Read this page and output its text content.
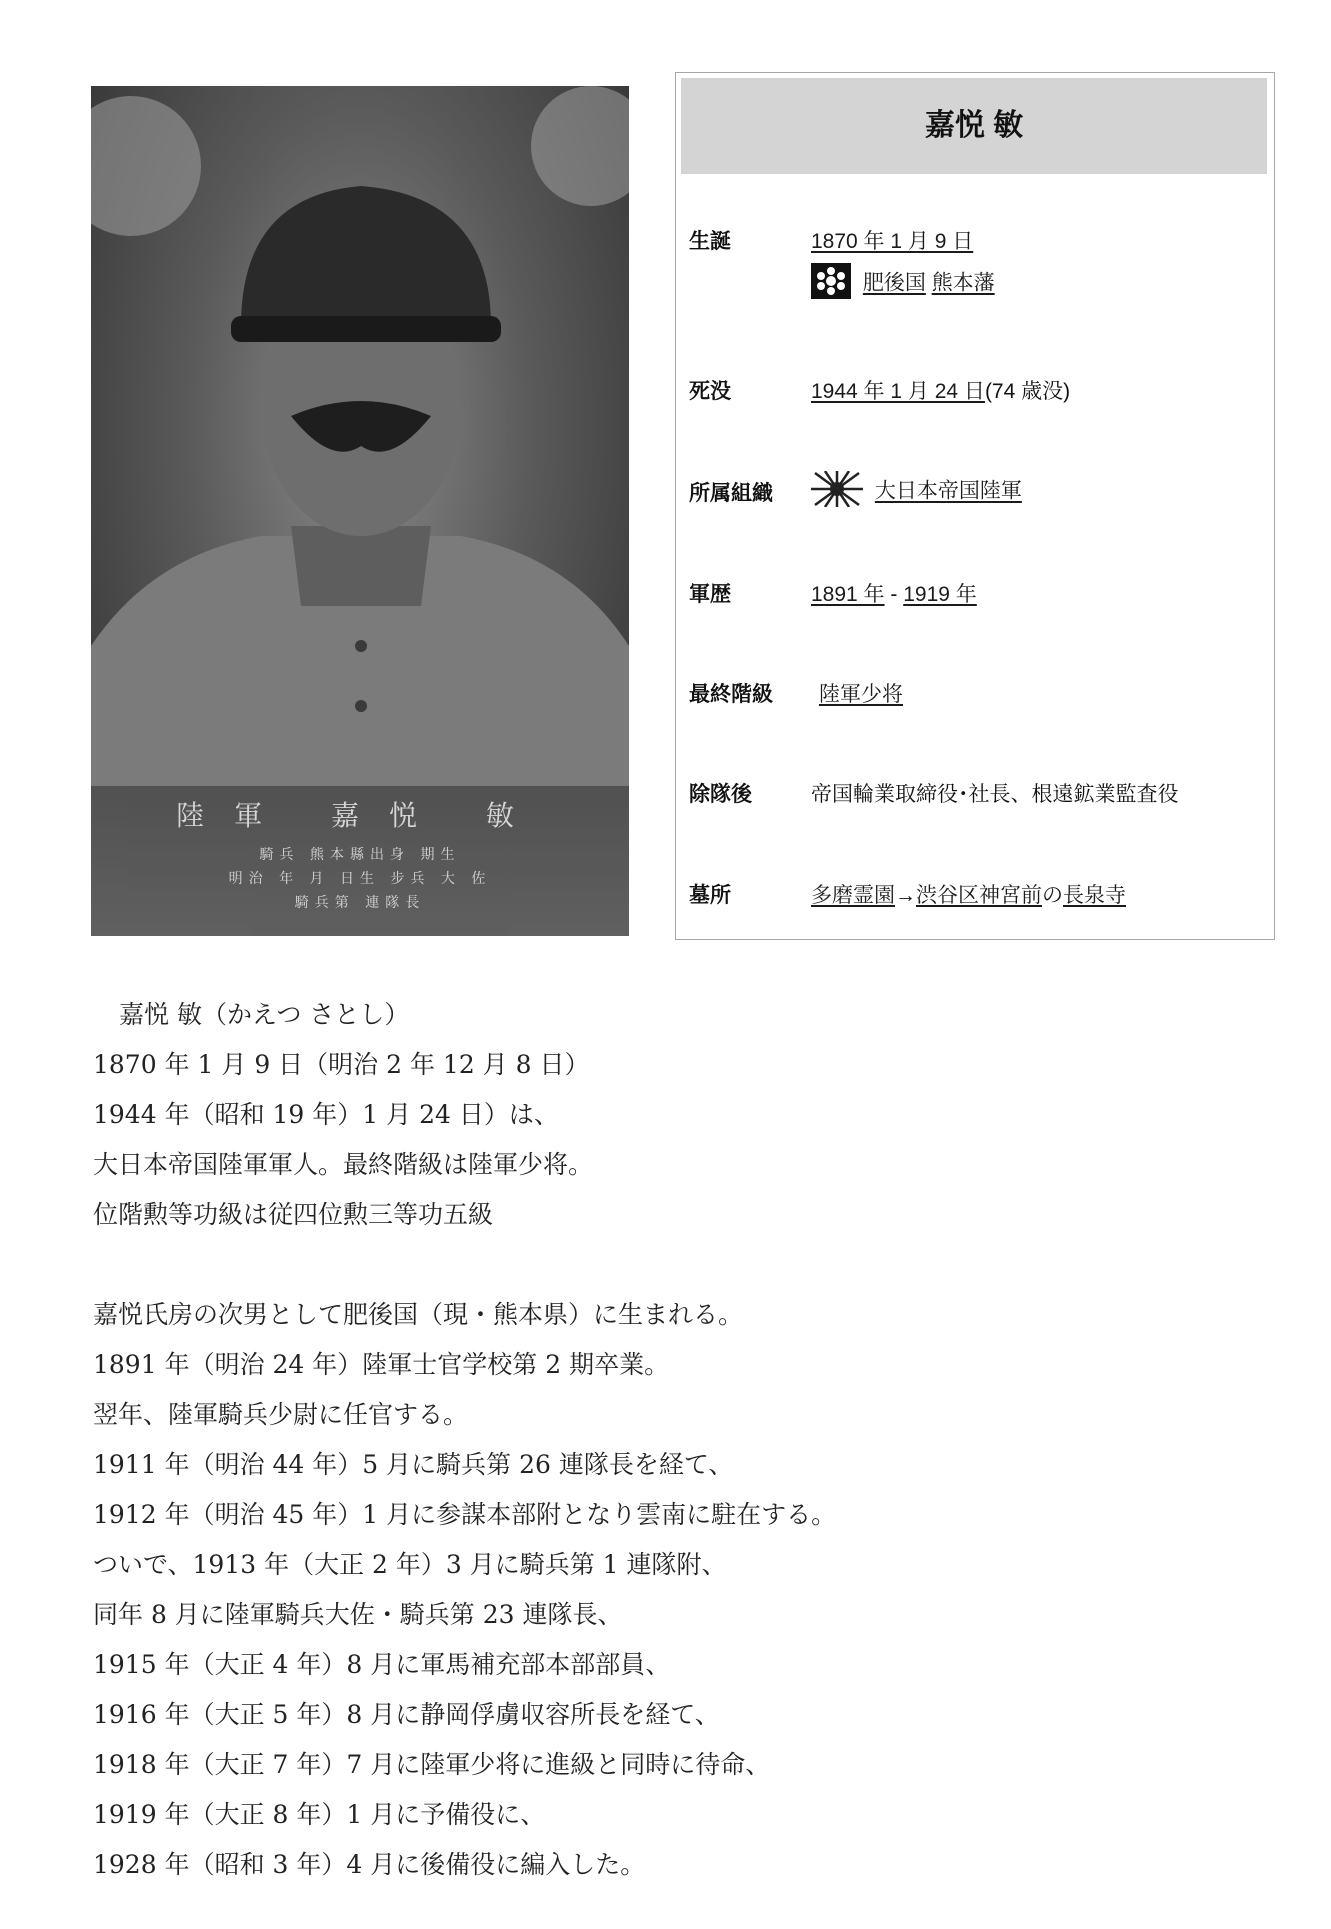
陸軍 嘉悦 敏
騎兵 熊本縣出身 期生
明治 年 月 日生 步兵 大 佐
騎兵第 連隊長
嘉悦 敏
生誕	1870 年 1 月 9 日
肥後国 熊本藩
死没	1944 年 1 月 24 日(74 歳没)
所属組織	大日本帝国陸軍
軍歴	1891 年 - 1919 年
最終階級 陸軍少将
除隊後	帝国輪業取締役･社長、根遠鉱業監査役
墓所	多磨霊園→渋谷区神宮前の長泉寺
嘉悦 敏（かえつ さとし）
1870 年 1 月 9 日（明治 2 年 12 月 8 日）
1944 年（昭和 19 年）1 月 24 日）は、
大日本帝国陸軍軍人。最終階級は陸軍少将。
位階勲等功級は従四位勲三等功五級
嘉悦氏房の次男として肥後国（現・熊本県）に生まれる。
1891 年（明治 24 年）陸軍士官学校第 2 期卒業。
翌年、陸軍騎兵少尉に任官する。
1911 年（明治 44 年）5 月に騎兵第 26 連隊長を経て、
1912 年（明治 45 年）1 月に参謀本部附となり雲南に駐在する。
ついで、1913 年（大正 2 年）3 月に騎兵第 1 連隊附、
同年 8 月に陸軍騎兵大佐・騎兵第 23 連隊長、
1915 年（大正 4 年）8 月に軍馬補充部本部部員、
1916 年（大正 5 年）8 月に静岡俘虜収容所長を経て、
1918 年（大正 7 年）7 月に陸軍少将に進級と同時に待命、
1919 年（大正 8 年）1 月に予備役に、
1928 年（昭和 3 年）4 月に後備役に編入した。
